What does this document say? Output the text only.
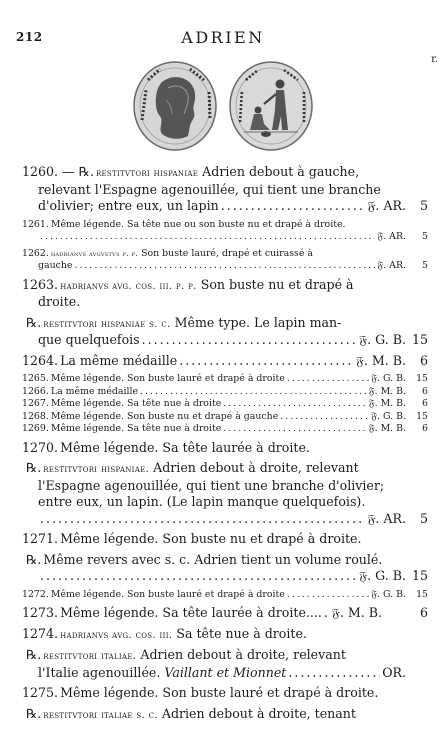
212	ADRIEN
r.
1260. — ℞. restitvtori hispaniae
Adrien debout à gauche,
relevant l'Espagne agenouillée, qui tient une branche
d'olivier; entre eux, un lapin .....	𝔉. AR.	5
1261. Même légende. Sa tête nue ou son buste nu et drapé à droite.
.....
𝔉. AR.	5
1262. hadrianvs avgvstvs p. p.
Son buste lauré, drapé et cuirassé à
gauche .....	𝔉. AR.	5
1263. hadrianvs avg. cos. iii. p. p.
Son buste nu et drapé à
droite.
℞. restitvtori hispaniae s. c.
Même type. Le lapin man-
que quelquefois .....	𝔉. G. B. 15
1264. La même médaille .....	𝔉. M. B.	6
1265. Même légende. Son buste lauré et drapé à droite .....	𝔉. G. B.	15
1266. La même médaille .....	𝔉. M. B.	6
1267. Même légende. Sa tête nue à droite .....	𝔉. M. B.	6
1268. Même légende. Son buste nu et drapé à gauche .....	𝔉. G. B.	15
1269. Même légende. Sa tête nue à droite .....	𝔉. M. B.	6
1270. Même légende. Sa tête laurée à droite.
℞. restitvtori hispaniae.
Adrien debout à droite, relevant
l'Espagne agenouillée, qui tient une branche d'olivier;
entre eux, un lapin. (Le lapin manque quelquefois).
.....
𝔉. AR.	5
1271. Même légende. Son buste nu et drapé à droite.
℞. Même revers avec s. c. Adrien tient un volume roulé.
.....
𝔉. G. B. 15
1272. Même légende. Son buste lauré et drapé à droite .....	𝔉. G. B.	15
1273. Même légende. Sa tête laurée à droite.... ..... 𝔉. M. B.	6
1274. hadrianvs avg. cos. iii.
Sa tête nue à droite.
℞. restitvtori italiae.
Adrien debout à droite, relevant
l'Italie agenouillée.
Vaillant et Mionnet .....	OR.
1275. Même légende. Son buste lauré et drapé à droite.
℞. restitvtori italiae s. c.
Adrien debout à droite, tenant
